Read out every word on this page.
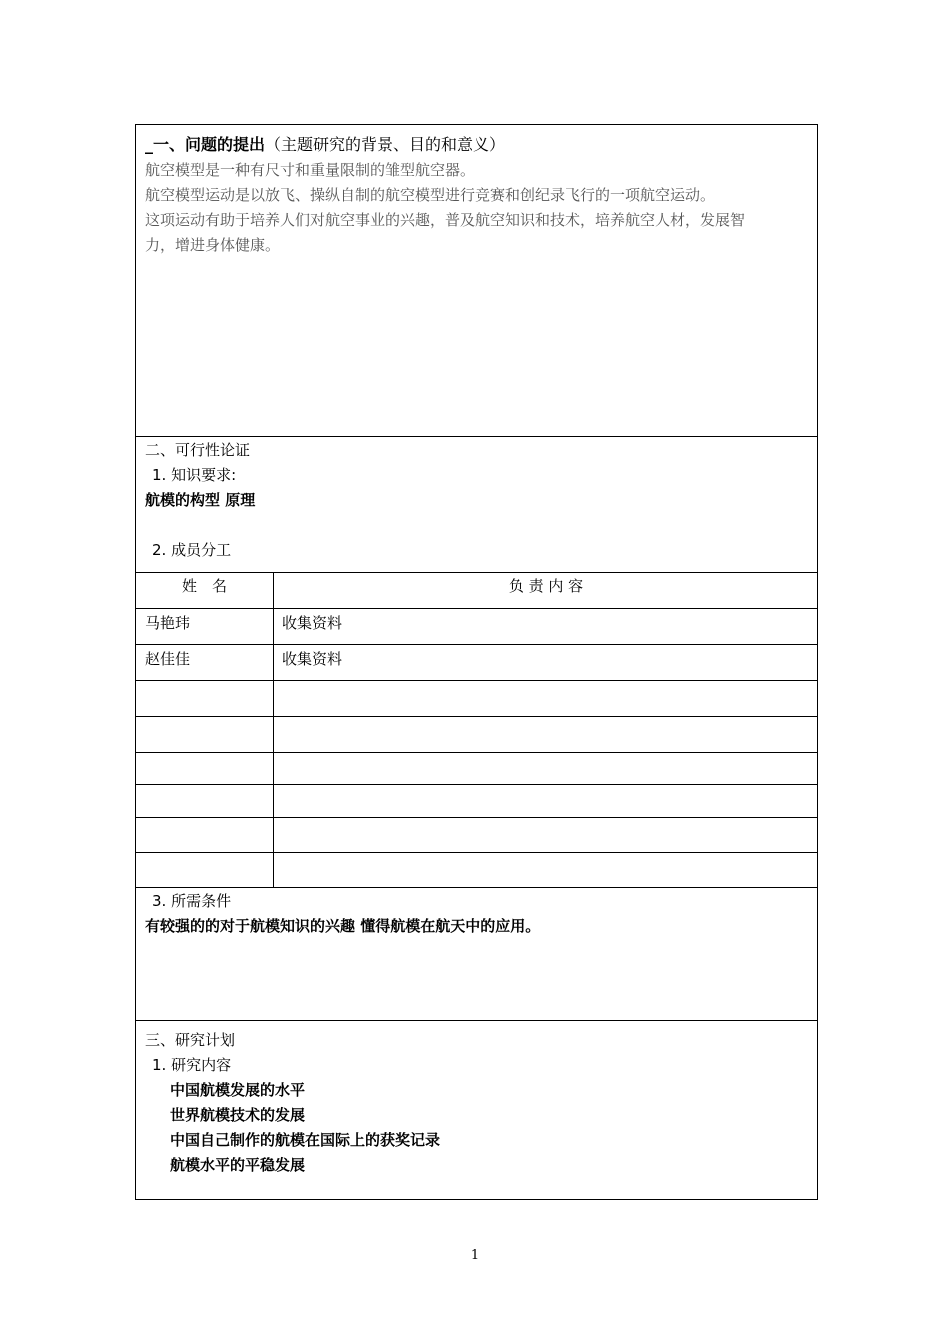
_一、问题的提出（主题研究的背景、目的和意义）
航空模型是一种有尺寸和重量限制的雏型航空器。
航空模型运动是以放飞、操纵自制的航空模型进行竞赛和创纪录飞行的一项航空运动。
这项运动有助于培养人们对航空事业的兴趣，普及航空知识和技术，培养航空人材，发展智
力，增进身体健康。
二、可行性论证
1. 知识要求:
航模的构型 原理
2. 成员分工
姓　名	负 责 内 容
马艳玮	收集资料
赵佳佳	收集资料
3. 所需条件
有较强的的对于航模知识的兴趣 懂得航模在航天中的应用。
三、研究计划
1. 研究内容
中国航模发展的水平
世界航模技术的发展
中国自己制作的航模在国际上的获奖记录
航模水平的平稳发展
1
